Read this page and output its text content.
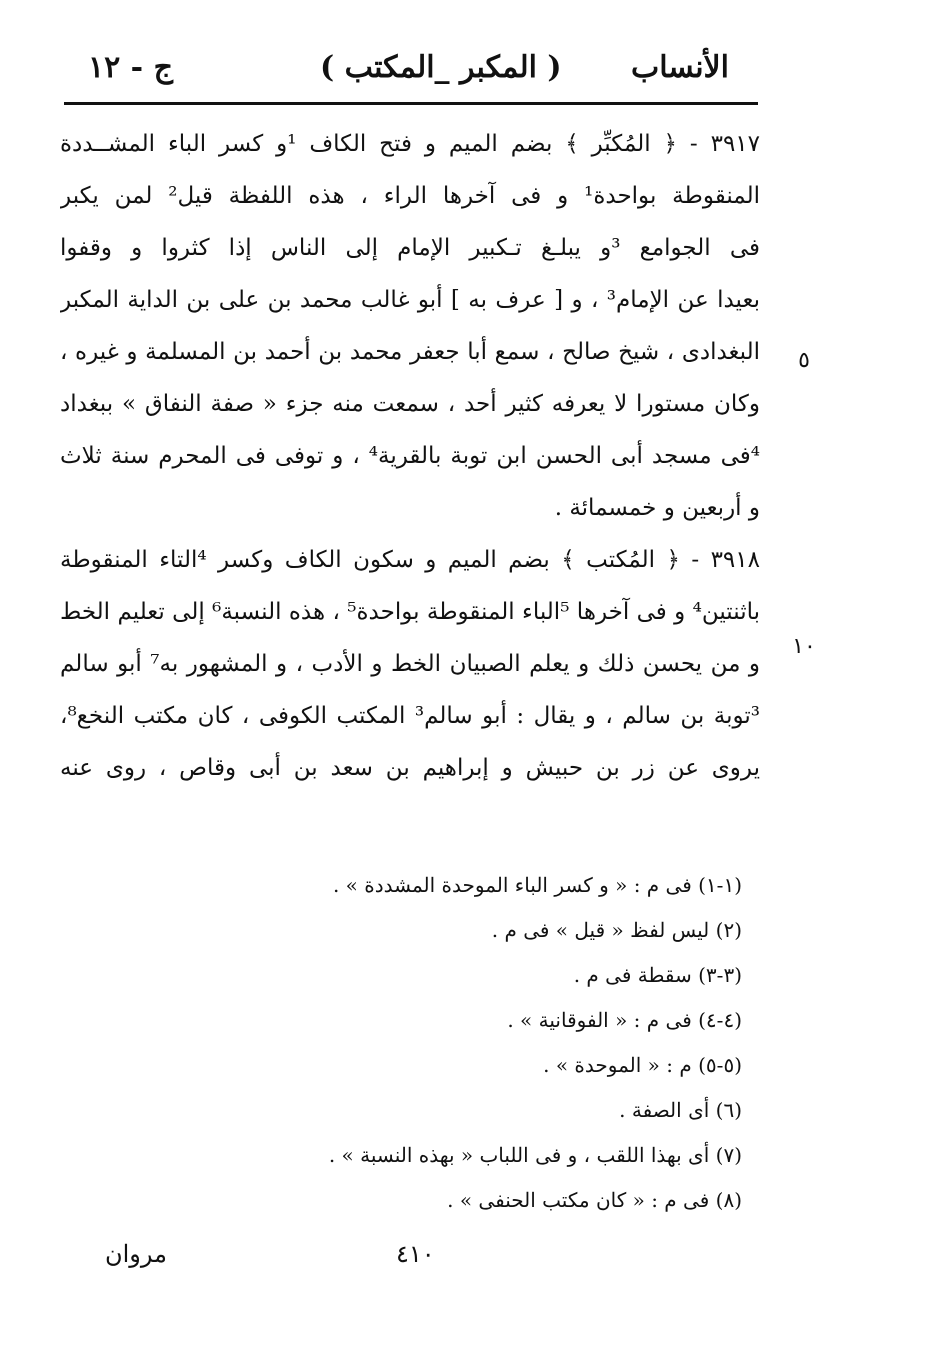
الأنساب
( المكبر _المكتب )
ج - ١٢
٣٩١٧ - ﴿ المُكبِّر ﴾ بضم الميم و فتح الكاف ¹و كسر الباء المشــددة
المنقوطة بواحدة¹ و فى آخرها الراء ، هذه اللفظة قيل² لمن يكبر
فى الجوامع ³و يبلـغ تـكبير الإمام إلى الناس إذا كثروا و وقفوا
بعيدا عن الإمام³ ، و [ عرف به ] أبو غالب محمد بن على بن الداية المكبر
البغدادى ، شيخ صالح ، سمع أبا جعفر محمد بن أحمد بن المسلمة و غيره ،
وكان مستورا لا يعرفه كثير أحد ، سمعت منه جزء « صفة النفاق » ببغداد
⁴فى مسجد أبى الحسن ابن توبة بالقرية⁴ ، و توفى فى المحرم سنة ثلاث
و أربعين و خمسمائة .
٣٩١٨ - ﴿ المُكتب ﴾ بضم الميم و سكون الكاف وكسر ⁴التاء المنقوطة
باثنتين⁴ و فى آخرها ⁵الباء المنقوطة بواحدة⁵ ، هذه النسبة⁶ إلى تعليم الخط
و من يحسن ذلك و يعلم الصبيان الخط و الأدب ، و المشهور به⁷ أبو سالم
³توبة بن سالم ، و يقال : أبو سالم³ المكتب الكوفى ، كان مكتب النخع⁸،
يروى عن زر بن حبيش و إبراهيم بن سعد بن أبى وقاص ، روى عنه
٥
١٠
(١-١) فى م : « و كسر الباء الموحدة المشددة » .
(٢) ليس لفظ « قيل » فى م .
(٣-٣) سقطة فى م .
(٤-٤) فى م : « الفوقانية » .
(٥-٥) م : « الموحدة » .
(٦) أى الصفة .
(٧) أى بهذا اللقب ، و فى اللباب « بهذه النسبة » .
(٨) فى م : « كان مكتب الحنفى » .
٤١٠
مروان
